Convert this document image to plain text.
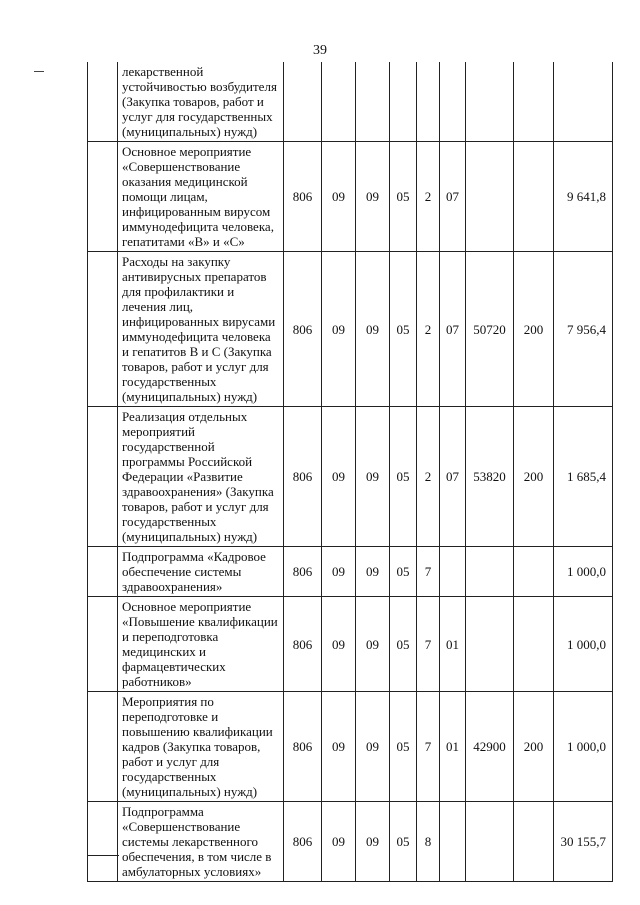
39
	лекарственной устойчивостью возбудителя (Закупка товаров, работ и услуг для государственных (муниципальных) нужд)									
	Основное мероприятие «Совершенствование оказания медицинской помощи лицам, инфицированным вирусом иммунодефицита человека, гепатитами «В» и «С»	806	09	09	05	2	07			9 641,8
	Расходы на закупку антивирусных препаратов для профилактики и лечения лиц, инфицированных вирусами иммунодефицита человека и гепатитов В и С (Закупка товаров, работ и услуг для государственных (муниципальных) нужд)	806	09	09	05	2	07	50720	200	7 956,4
	Реализация отдельных мероприятий государственной программы Российской Федерации «Развитие здравоохранения» (Закупка товаров, работ и услуг для государственных (муниципальных) нужд)	806	09	09	05	2	07	53820	200	1 685,4
	Подпрограмма «Кадровое обеспечение системы здравоохранения»	806	09	09	05	7				1 000,0
	Основное мероприятие «Повышение квалификации и переподготовка медицинских и фармацевтических работников»	806	09	09	05	7	01			1 000,0
	Мероприятия по переподготовке и повышению квалификации кадров (Закупка товаров, работ и услуг для государственных (муниципальных) нужд)	806	09	09	05	7	01	42900	200	1 000,0
	Подпрограмма «Совершенствование системы лекарственного обеспечения, в том числе в амбулаторных условиях»	806	09	09	05	8				30 155,7
